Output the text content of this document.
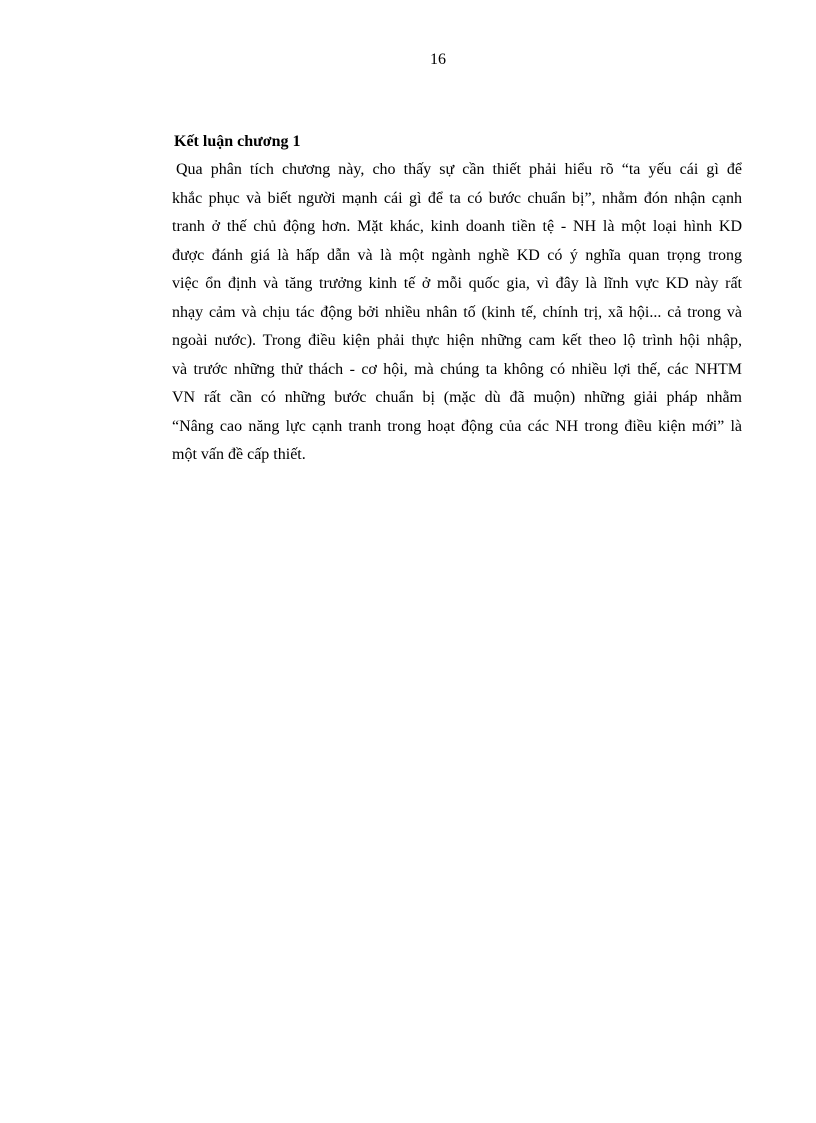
16
Kết luận chương 1
Qua phân tích chương này, cho thấy sự cần thiết phải hiểu rõ “ta yếu cái gì để
khắc phục và biết người mạnh cái gì để ta có bước chuẩn bị”, nhằm đón nhận cạnh
tranh ở thế chủ động hơn. Mặt khác, kinh doanh tiền tệ - NH là một loại hình KD
được đánh giá là hấp dẫn và là một ngành nghề KD có ý nghĩa quan trọng trong
việc ổn định và tăng trưởng kinh tế ở mỗi quốc gia, vì đây là lĩnh vực KD này rất
nhạy cảm và chịu tác động bởi nhiều nhân tố (kinh tế, chính trị, xã hội... cả trong và
ngoài nước). Trong điều kiện phải thực hiện những cam kết theo lộ trình hội nhập,
và trước những thử thách - cơ hội, mà chúng ta không có nhiều lợi thế, các NHTM
VN rất cần có những bước chuẩn bị (mặc dù đã muộn) những giải pháp nhằm
“Nâng cao năng lực cạnh tranh trong hoạt động của các NH trong điều kiện mới” là
một vấn đề cấp thiết.
